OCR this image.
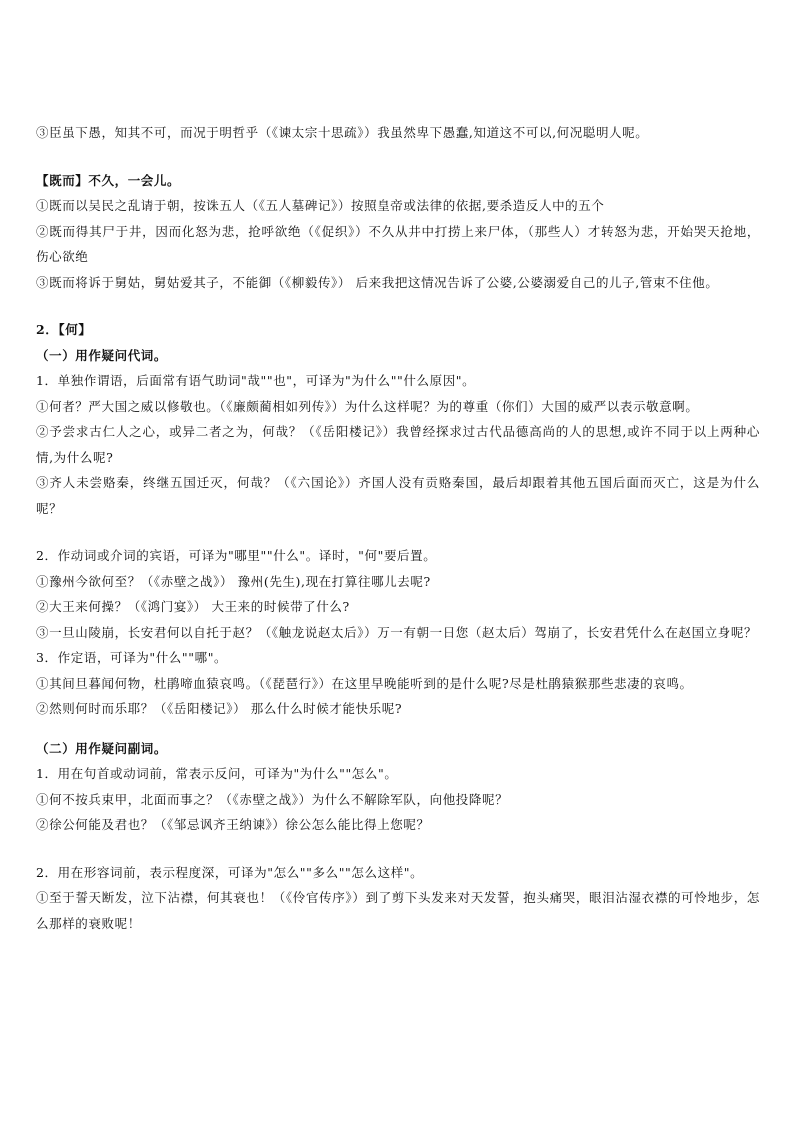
③臣虽下愚，知其不可，而况于明哲乎（《谏太宗十思疏》）我虽然卑下愚蠢,知道这不可以,何况聪明人呢。
【既而】不久，一会儿。
①既而以吴民之乱请于朝，按诛五人（《五人墓碑记》）按照皇帝或法律的依据,要杀造反人中的五个
②既而得其尸于井，因而化怒为悲，抢呼欲绝（《促织》）不久从井中打捞上来尸体，（那些人）才转怒为悲，开始哭天抢地，伤心欲绝
③既而将诉于舅姑，舅姑爱其子，不能御（《柳毅传》） 后来我把这情况告诉了公婆,公婆溺爱自己的儿子,管束不住他。
2．【何】
（一）用作疑问代词。
1．单独作谓语，后面常有语气助词"哉""也"，可译为"为什么""什么原因"。
①何者？严大国之威以修敬也。（《廉颇蔺相如列传》）为什么这样呢？为的尊重（你们）大国的威严以表示敬意啊。
②予尝求古仁人之心，或异二者之为，何哉？（《岳阳楼记》）我曾经探求过古代品德高尚的人的思想,或许不同于以上两种心情,为什么呢?
③齐人未尝赂秦，终继五国迁灭，何哉？（《六国论》）齐国人没有贡赂秦国，最后却跟着其他五国后面而灭亡，这是为什么呢？
2．作动词或介词的宾语，可译为"哪里""什么"。译时，"何"要后置。
①豫州今欲何至？（《赤壁之战》） 豫州(先生),现在打算往哪儿去呢?
②大王来何操？（《鸿门宴》） 大王来的时候带了什么?
③一旦山陵崩，长安君何以自托于赵？（《触龙说赵太后》）万一有朝一日您（赵太后）驾崩了，长安君凭什么在赵国立身呢？
3．作定语，可译为"什么""哪"。
①其间旦暮闻何物，杜鹃啼血猿哀鸣。（《琵琶行》）在这里早晚能听到的是什么呢?尽是杜鹃猿猴那些悲凄的哀鸣。
②然则何时而乐耶？（《岳阳楼记》） 那么什么时候才能快乐呢?
（二）用作疑问副词。
1．用在句首或动词前，常表示反问，可译为"为什么""怎么"。
①何不按兵束甲，北面而事之？（《赤壁之战》）为什么不解除军队，向他投降呢？
②徐公何能及君也？（《邹忌讽齐王纳谏》）徐公怎么能比得上您呢？
2．用在形容词前，表示程度深，可译为"怎么""多么""怎么这样"。
①至于誓天断发，泣下沾襟，何其衰也！（《伶官传序》）到了剪下头发来对天发誓，抱头痛哭，眼泪沾湿衣襟的可怜地步，怎么那样的衰败呢！
